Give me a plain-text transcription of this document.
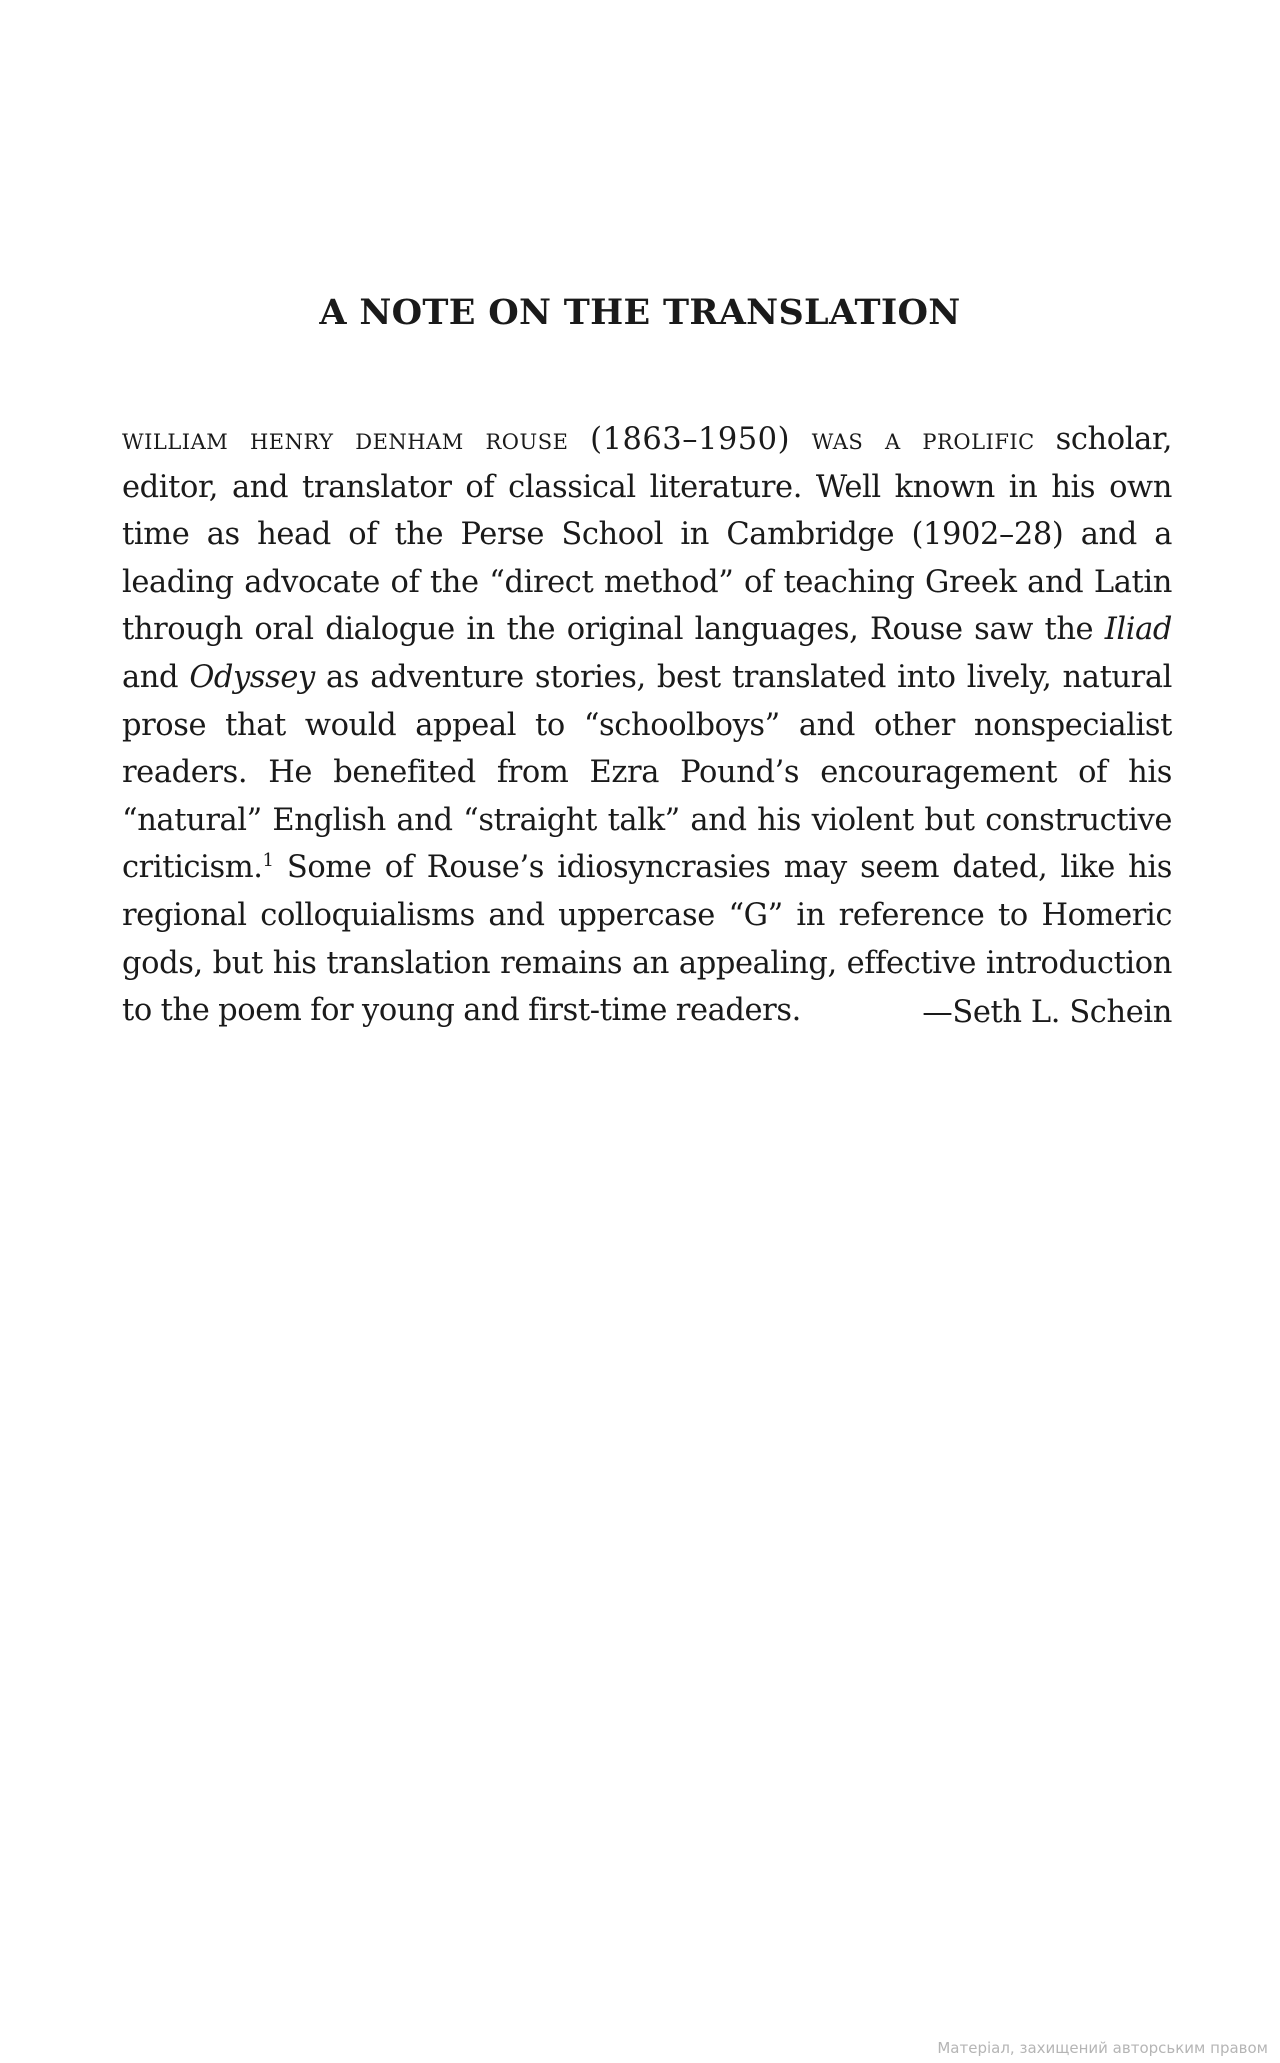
A NOTE ON THE TRANSLATION

william henry denham rouse (1863–1950) was a prolific scholar, editor, and translator of classical literature. Well known in his own time as head of the Perse School in Cambridge (1902–28) and a leading advocate of the “direct method” of teaching Greek and Latin through oral dialogue in the original languages, Rouse saw the Iliad and Odyssey as adventure stories, best translated into lively, natural prose that would appeal to “schoolboys” and other nonspecialist readers. He benefited from Ezra Pound’s encouragement of his “natural” English and “straight talk” and his violent but constructive criticism.$^1$ Some of Rouse’s idiosyncrasies may seem dated, like his regional colloquialisms and uppercase “G” in reference to Homeric gods, but his translation remains an appealing, effective introduction to the poem for young and first-time readers.	—Seth L. Schein

Матеріал, захищений авторським правом
